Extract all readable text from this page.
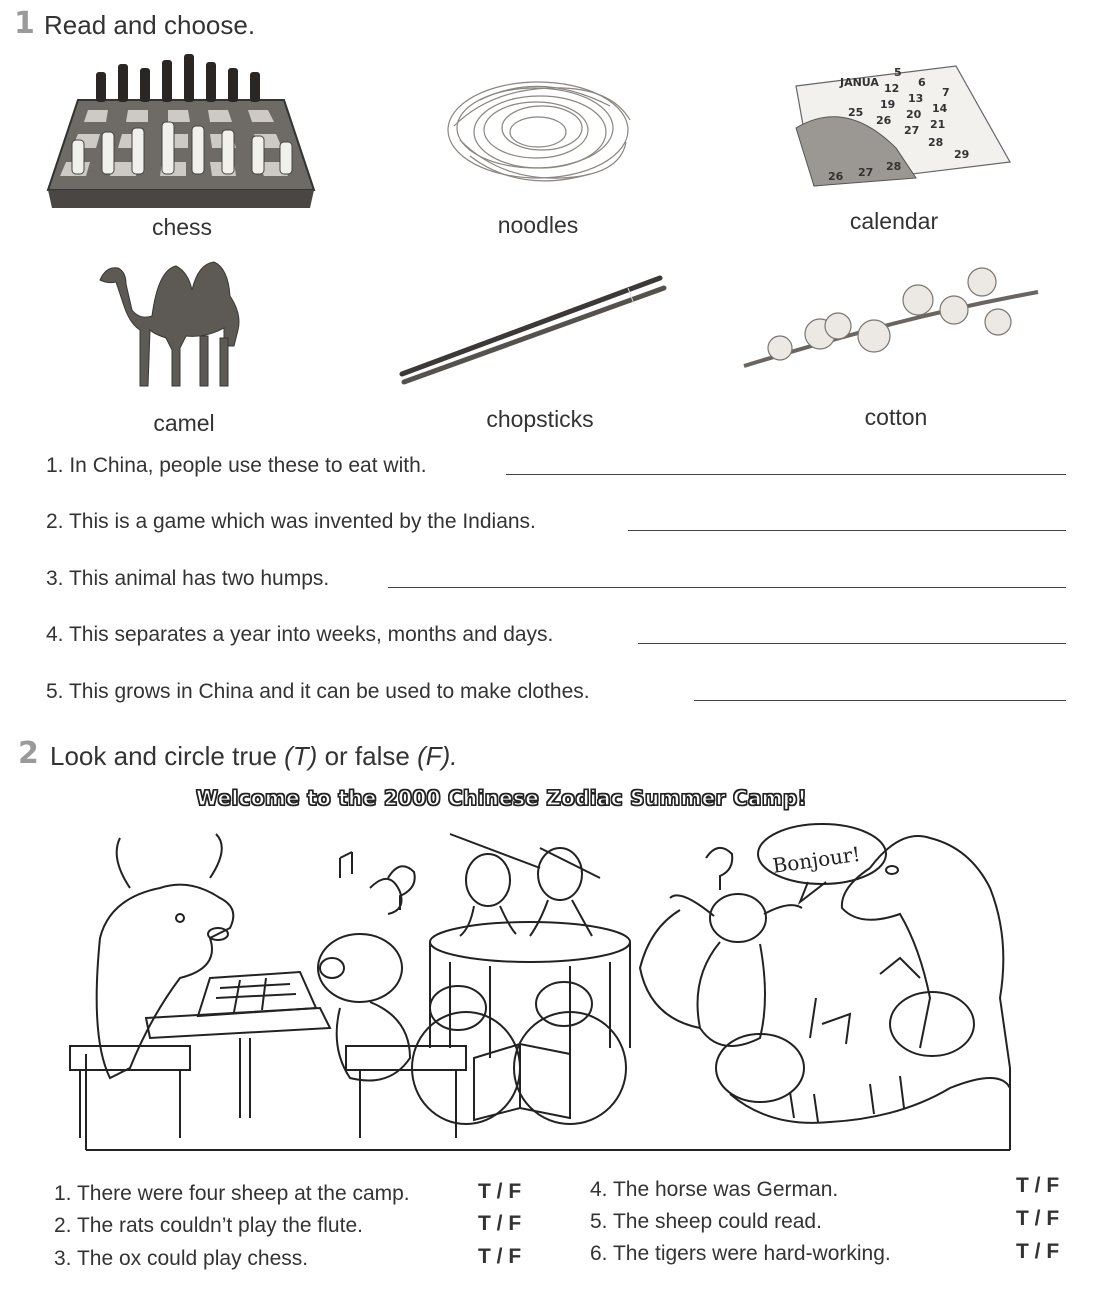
1 Read and choose.
JANUA
5
6
7
12
13
14
19
20
21
25
26
27
28
29
26 27 28
chess	noodles	calendar
camel	chopsticks	cotton
1. In China, people use these to eat with.
2. This is a game which was invented by the Indians.
3. This animal has two humps.
4. This separates a year into weeks, months and days.
5. This grows in China and it can be used to make clothes.
2 Look and circle true (T) or false (F).
Welcome to the 2000 Chinese Zodiac Summer Camp!
Bonjour!
1. There were four sheep at the camp.	T / F
2. The rats couldn’t play the flute.	T / F
3. The ox could play chess.	T / F
4. The horse was German.	T / F
5. The sheep could read.	T / F
6. The tigers were hard-working.	T / F
